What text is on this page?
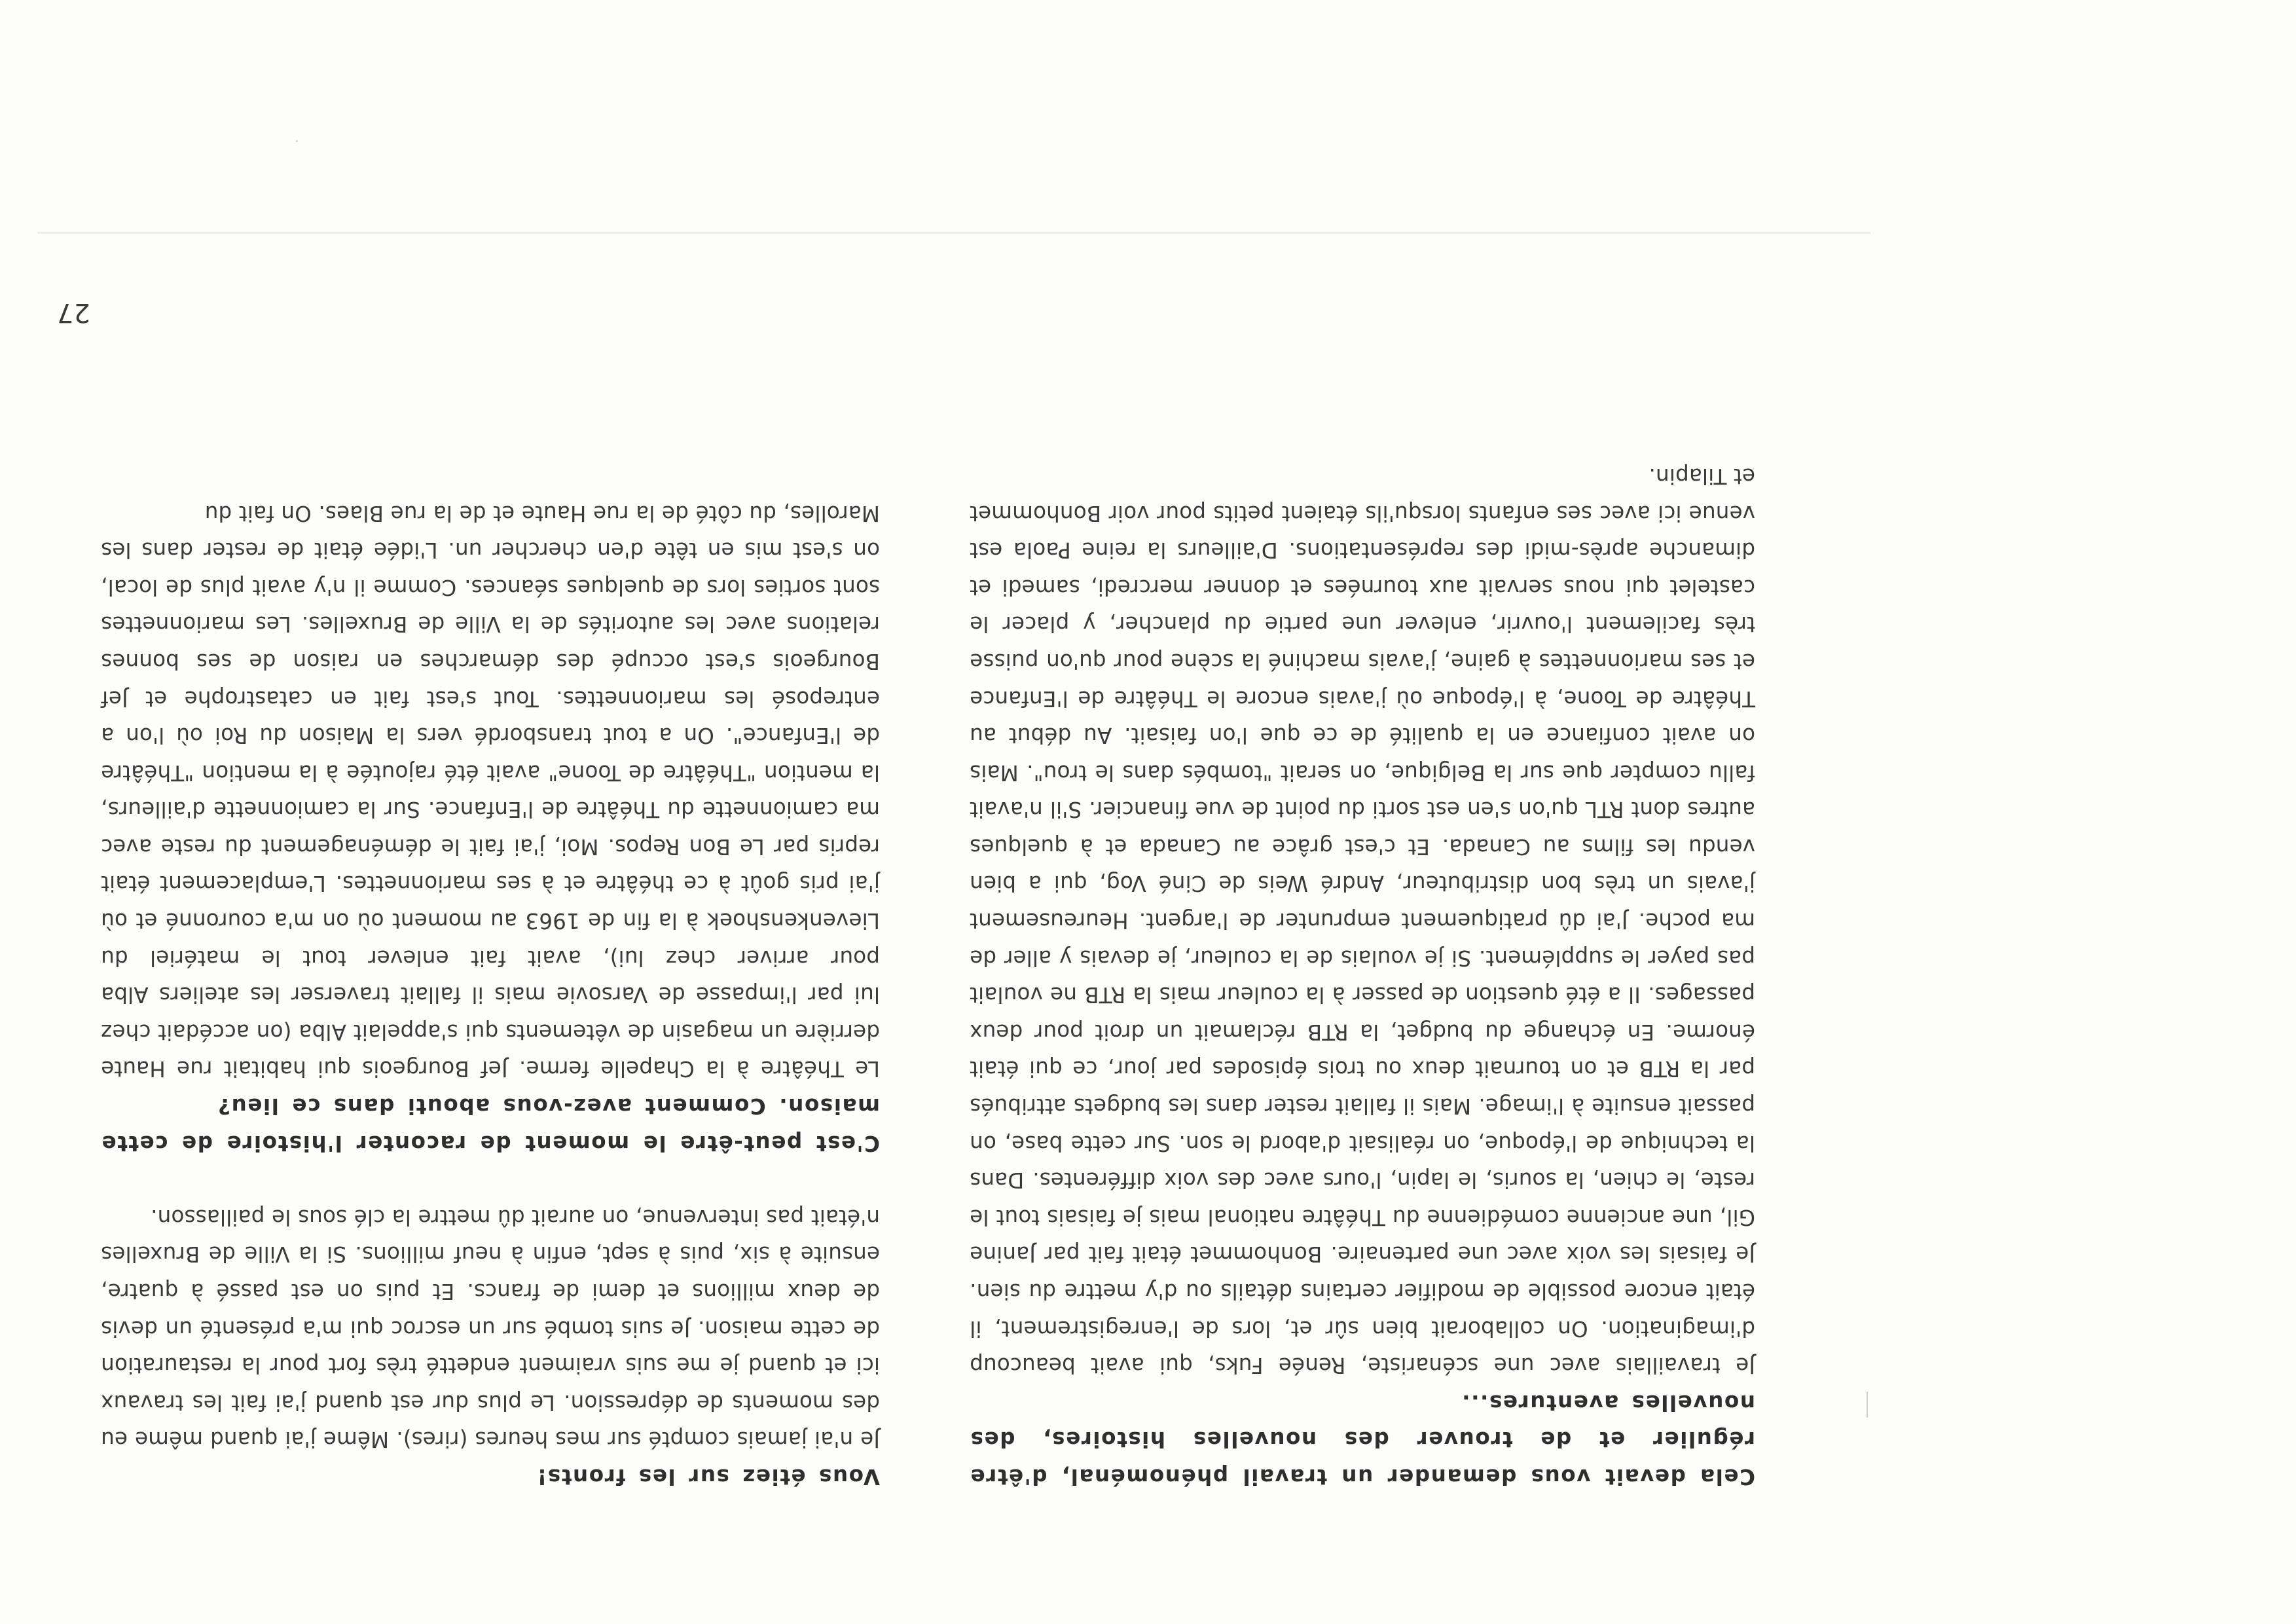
Cela devait vous demander un travail phénoménal, d'être régulier et de trouver des nouvelles histoires, des nouvelles aventures...

Je travaillais avec une scénariste, Renée Fuks, qui avait beaucoup d'imagination. On collaborait bien sûr et, lors de l'enregistrement, il était encore possible de modifier certains détails ou d'y mettre du sien. Je faisais les voix avec une partenaire. Bonhommet était fait par Janine Gil, une ancienne comédienne du Théâtre national mais je faisais tout le reste, le chien, la souris, le lapin, l'ours avec des voix différentes. Dans la technique de l'époque, on réalisait d'abord le son. Sur cette base, on passait ensuite à l'image. Mais il fallait rester dans les budgets attribués par la RTB et on tournait deux ou trois épisodes par jour, ce qui était énorme. En échange du budget, la RTB réclamait un droit pour deux passages. Il a été question de passer à la couleur mais la RTB ne voulait pas payer le supplément. Si je voulais de la couleur, je devais y aller de ma poche. J'ai dû pratiquement emprunter de l'argent. Heureusement j'avais un très bon distributeur, André Weis de Ciné Vog, qui a bien vendu les films au Canada. Et c'est grâce au Canada et à quelques autres dont RTL qu'on s'en est sorti du point de vue financier. S'il n'avait fallu compter que sur la Belgique, on serait "tombés dans le trou". Mais on avait confiance en la qualité de ce que l'on faisait. Au début au Théâtre de Toone, à l'époque où j'avais encore le Théâtre de l'Enfance et ses marionnettes à gaine, j'avais machiné la scène pour qu'on puisse très facilement l'ouvrir, enlever une partie du plancher, y placer le castelet qui nous servait aux tournées et donner mercredi, samedi et dimanche après-midi des représentations. D'ailleurs la reine Paola est venue ici avec ses enfants lorsqu'ils étaient petits pour voir Bonhommet et Tilapin.

Vous étiez sur les fronts!

Je n'ai jamais compté sur mes heures (rires). Même j'ai quand même eu des moments de dépression. Le plus dur est quand j'ai fait les travaux ici et quand je me suis vraiment endetté très fort pour la restauration de cette maison. Je suis tombé sur un escroc qui m'a présenté un devis de deux millions et demi de francs. Et puis on est passé à quatre, ensuite à six, puis à sept, enfin à neuf millions. Si la Ville de Bruxelles n'était pas intervenue, on aurait dû mettre la clé sous le paillasson.

C'est peut-être le moment de raconter l'histoire de cette maison. Comment avez-vous abouti dans ce lieu?

Le Théâtre à la Chapelle ferme. Jef Bourgeois qui habitait rue Haute derrière un magasin de vêtements qui s'appelait Alba (on accédait chez lui par l'impasse de Varsovie mais il fallait traverser les ateliers Alba pour arriver chez lui), avait fait enlever tout le matériel du Lievenkenshoek à la fin de 1963 au moment où on m'a couronné et où j'ai pris goût à ce théâtre et à ses marionnettes. L'emplacement était repris par Le Bon Repos. Moi, j'ai fait le déménagement du reste avec ma camionnette du Théâtre de l'Enfance. Sur la camionnette d'ailleurs, la mention "Théâtre de Toone" avait été rajoutée à la mention "Théâtre de l'Enfance". On a tout transbordé vers la Maison du Roi où l'on a entreposé les marionnettes. Tout s'est fait en catastrophe et Jef Bourgeois s'est occupé des démarches en raison de ses bonnes relations avec les autorités de la Ville de Bruxelles. Les marionnettes sont sorties lors de quelques séances. Comme il n'y avait plus de local, on s'est mis en tête d'en chercher un. L'idée était de rester dans les Marolles, du côté de la rue Haute et de la rue Blaes. On fait du

27
